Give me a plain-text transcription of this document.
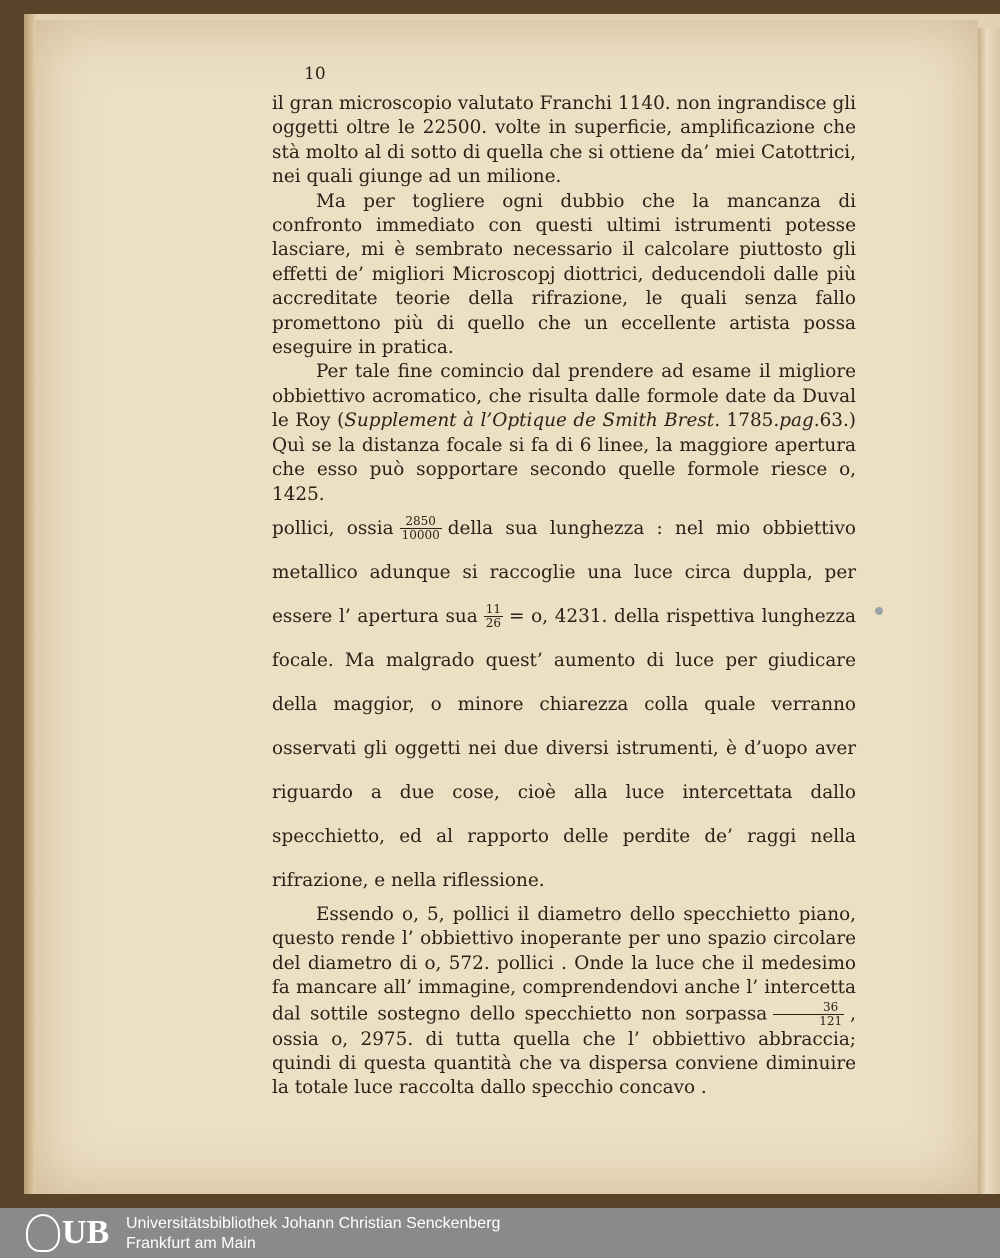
10

il gran microscopio valutato Franchi 1140. non ingrandisce gli oggetti oltre le 22500. volte in superficie, amplificazione che stà molto al di sotto di quella che si ottiene da’ miei Catottrici, nei quali giunge ad un milione.

Ma per togliere ogni dubbio che la mancanza di confronto immediato con questi ultimi istrumenti potesse lasciare, mi è sembrato necessario il calcolare piuttosto gli effetti de’ migliori Microscopj diottrici, deducendoli dalle più accreditate teorie della rifrazione, le quali senza fallo promettono più di quello che un eccellente artista possa eseguire in pratica.

Per tale fine comincio dal prendere ad esame il migliore obbiettivo acromatico, che risulta dalle formole date da Duval le Roy (Supplement à l’Optique de Smith Brest. 1785.pag.63.) Quì se la distanza focale si fa di 6 linee, la maggiore apertura che esso può sopportare secondo quelle formole riesce o, 1425.

pollici, ossia $\frac{2850}{10000}$ della sua lunghezza : nel mio obbiettivo metallico adunque si raccoglie una luce circa duppla, per essere l’ apertura sua $\frac{11}{26} = o$, 4231. della rispettiva lunghezza focale. Ma malgrado quest’ aumento di luce per giudicare della maggior, o minore chiarezza colla quale verranno osservati gli oggetti nei due diversi istrumenti, è d’uopo aver riguardo a due cose, cioè alla luce intercettata dallo specchietto, ed al rapporto delle perdite de’ raggi nella rifrazione, e nella riflessione.

Essendo o, 5, pollici il diametro dello specchietto piano, questo rende l’ obbiettivo inoperante per uno spazio circolare del diametro di o, 572. pollici . Onde la luce che il medesimo fa mancare all’ immagine, comprendendovi anche l’ intercetta dal sottile sostegno dello specchietto non sorpassa $\frac{36}{121}$ , ossia o, 2975. di tutta quella che l’ obbiettivo abbraccia; quindi di questa quantità che va dispersa conviene diminuire la totale luce raccolta dallo specchio concavo .

UB Universitätsbibliothek Johann Christian Senckenberg
Frankfurt am Main
